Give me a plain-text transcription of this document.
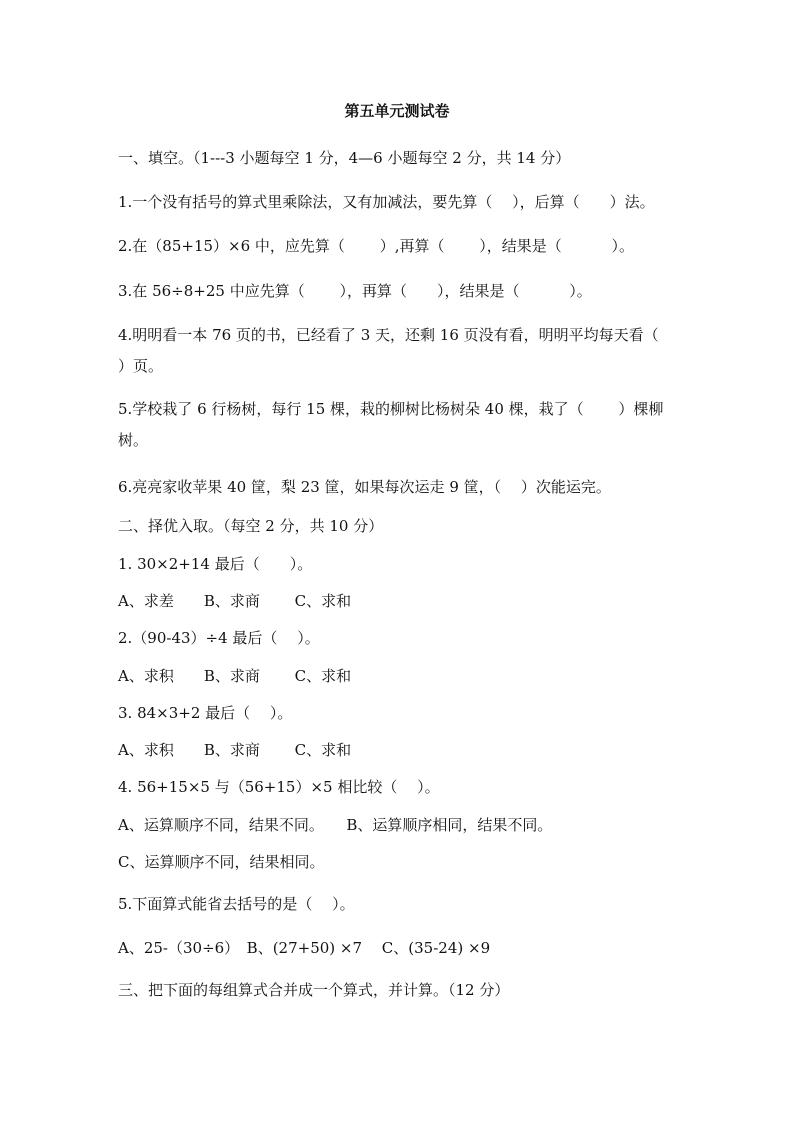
第五单元测试卷
一、填空。（1---3 小题每空 1 分，4—6 小题每空 2 分，共 14 分）
1.一个没有括号的算式里乘除法，又有加减法，要先算（　 ），后算（　　）法。
2.在（85+15）×6 中，应先算（　　 ）,再算（　　 ），结果是（　　　 ）。
3.在 56÷8+25 中应先算（　　 ），再算（　　），结果是（　　　 ）。
4.明明看一本 76 页的书，已经看了 3 天，还剩 16 页没有看，明明平均每天看（　　 ）页。
5.学校栽了 6 行杨树，每行 15 棵，栽的柳树比杨树朵 40 棵，栽了（　　 ）棵柳树。
6.亮亮家收苹果 40 筐，梨 23 筐，如果每次运走 9 筐，（　 ）次能运完。
二、择优入取。（每空 2 分，共 10 分）
1. 30×2+14 最后（　　）。
A、求差　　B、求商　　 C、求和
2.（90-43）÷4 最后（　 ）。
A、求积　　B、求商　　 C、求和
3. 84×3+2 最后（　 ）。
A、求积　　B、求商　　 C、求和
4. 56+15×5 与（56+15）×5 相比较（　 ）。
A、运算顺序不同，结果不同。　　B、运算顺序相同，结果不同。
C、运算顺序不同，结果相同。
5.下面算式能省去括号的是（　 ）。
A、25-（30÷6）　B、(27+50) ×7　 C、(35-24) ×9
三、把下面的每组算式合并成一个算式，并计算。（12 分）
